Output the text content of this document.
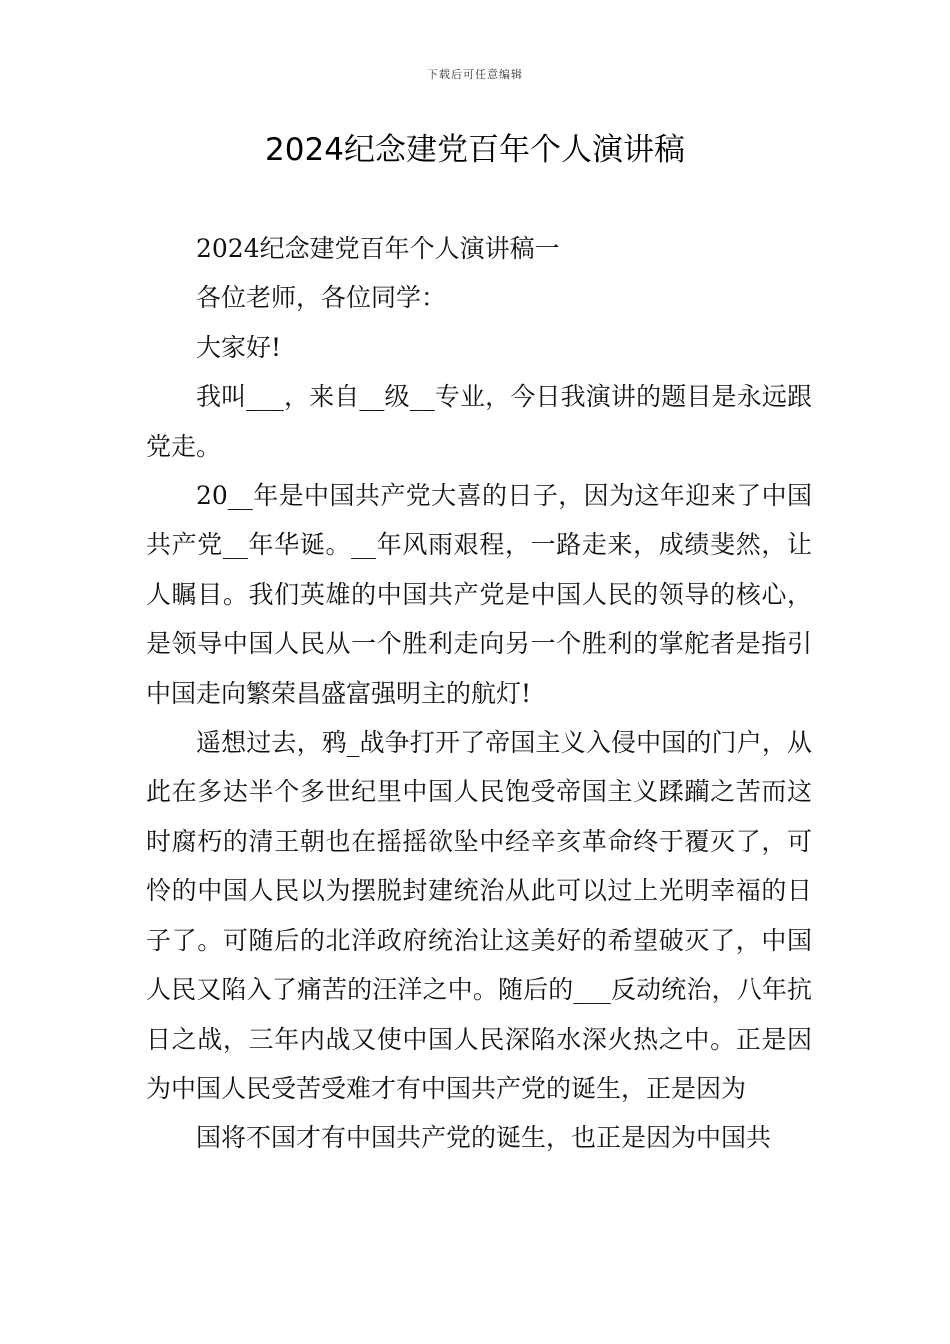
下载后可任意编辑
2024纪念建党百年个人演讲稿

2024纪念建党百年个人演讲稿一

各位老师，各位同学：

大家好!

我叫___，来自__级__专业，今日我演讲的题目是永远跟党走。

20__年是中国共产党大喜的日子，因为这年迎来了中国共产党__年华诞。__年风雨艰程，一路走来，成绩斐然，让人瞩目。我们英雄的中国共产党是中国人民的领导的核心，是领导中国人民从一个胜利走向另一个胜利的掌舵者是指引中国走向繁荣昌盛富强明主的航灯!

遥想过去，鸦_战争打开了帝国主义入侵中国的门户，从此在多达半个多世纪里中国人民饱受帝国主义蹂躏之苦而这时腐朽的清王朝也在摇摇欲坠中经辛亥革命终于覆灭了，可怜的中国人民以为摆脱封建统治从此可以过上光明幸福的日子了。可随后的北洋政府统治让这美好的希望破灭了，中国人民又陷入了痛苦的汪洋之中。随后的___反动统治，八年抗日之战，三年内战又使中国人民深陷水深火热之中。正是因为中国人民受苦受难才有中国共产党的诞生，正是因为

国将不国才有中国共产党的诞生，也正是因为中国共
